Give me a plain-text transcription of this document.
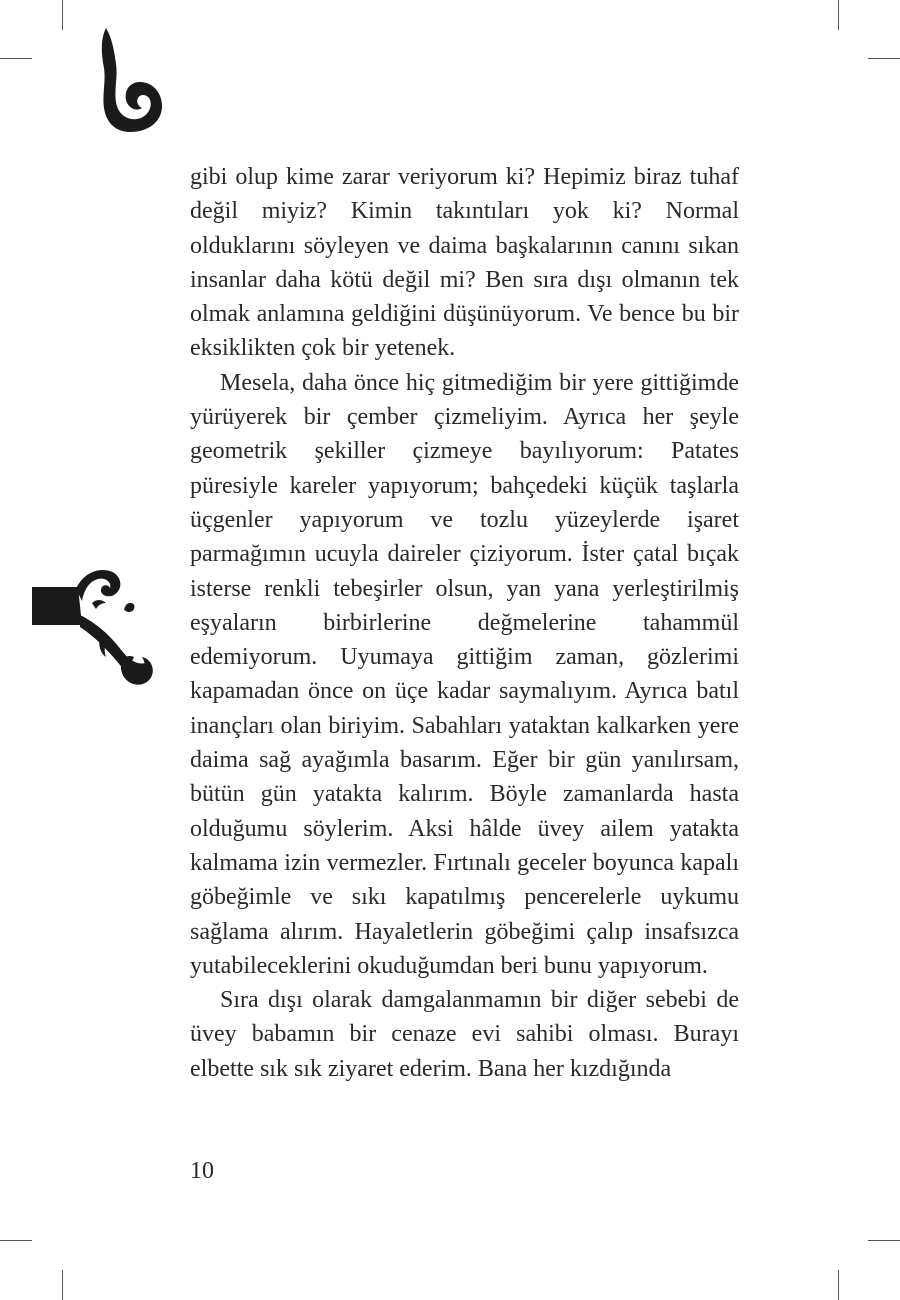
gibi olup kime zarar veriyorum ki? Hepimiz biraz tuhaf değil miyiz? Kimin takıntıları yok ki? Normal olduklarını söyleyen ve daima başkalarının canını sıkan insanlar daha kötü değil mi? Ben sıra dışı olmanın tek olmak anlamına geldiğini düşünüyorum. Ve bence bu bir eksiklikten çok bir yetenek.

Mesela, daha önce hiç gitmediğim bir yere gittiğimde yürüyerek bir çember çizmeliyim. Ayrıca her şeyle geometrik şekiller çizmeye bayılıyorum: Patates püresiyle kareler yapıyorum; bahçedeki küçük taşlarla üçgenler yapıyorum ve tozlu yüzeylerde işaret parmağımın ucuyla daireler çiziyorum. İster çatal bıçak isterse renkli tebeşirler olsun, yan yana yerleştirilmiş eşyaların birbirlerine değmelerine tahammül edemiyorum. Uyumaya gittiğim zaman, gözlerimi kapamadan önce on üçe kadar saymalıyım. Ayrıca batıl inançları olan biriyim. Sabahları yataktan kalkarken yere daima sağ ayağımla basarım. Eğer bir gün yanılırsam, bütün gün yatakta kalırım. Böyle zamanlarda hasta olduğumu söylerim. Aksi hâlde üvey ailem yatakta kalmama izin vermezler. Fırtınalı geceler boyunca kapalı göbeğimle ve sıkı kapatılmış pencerelerle uykumu sağlama alırım. Hayaletlerin göbeğimi çalıp insafsızca yutabileceklerini okuduğumdan beri bunu yapıyorum.

Sıra dışı olarak damgalanmamın bir diğer sebebi de üvey babamın bir cenaze evi sahibi olması. Burayı elbette sık sık ziyaret ederim. Bana her kızdığında

10
